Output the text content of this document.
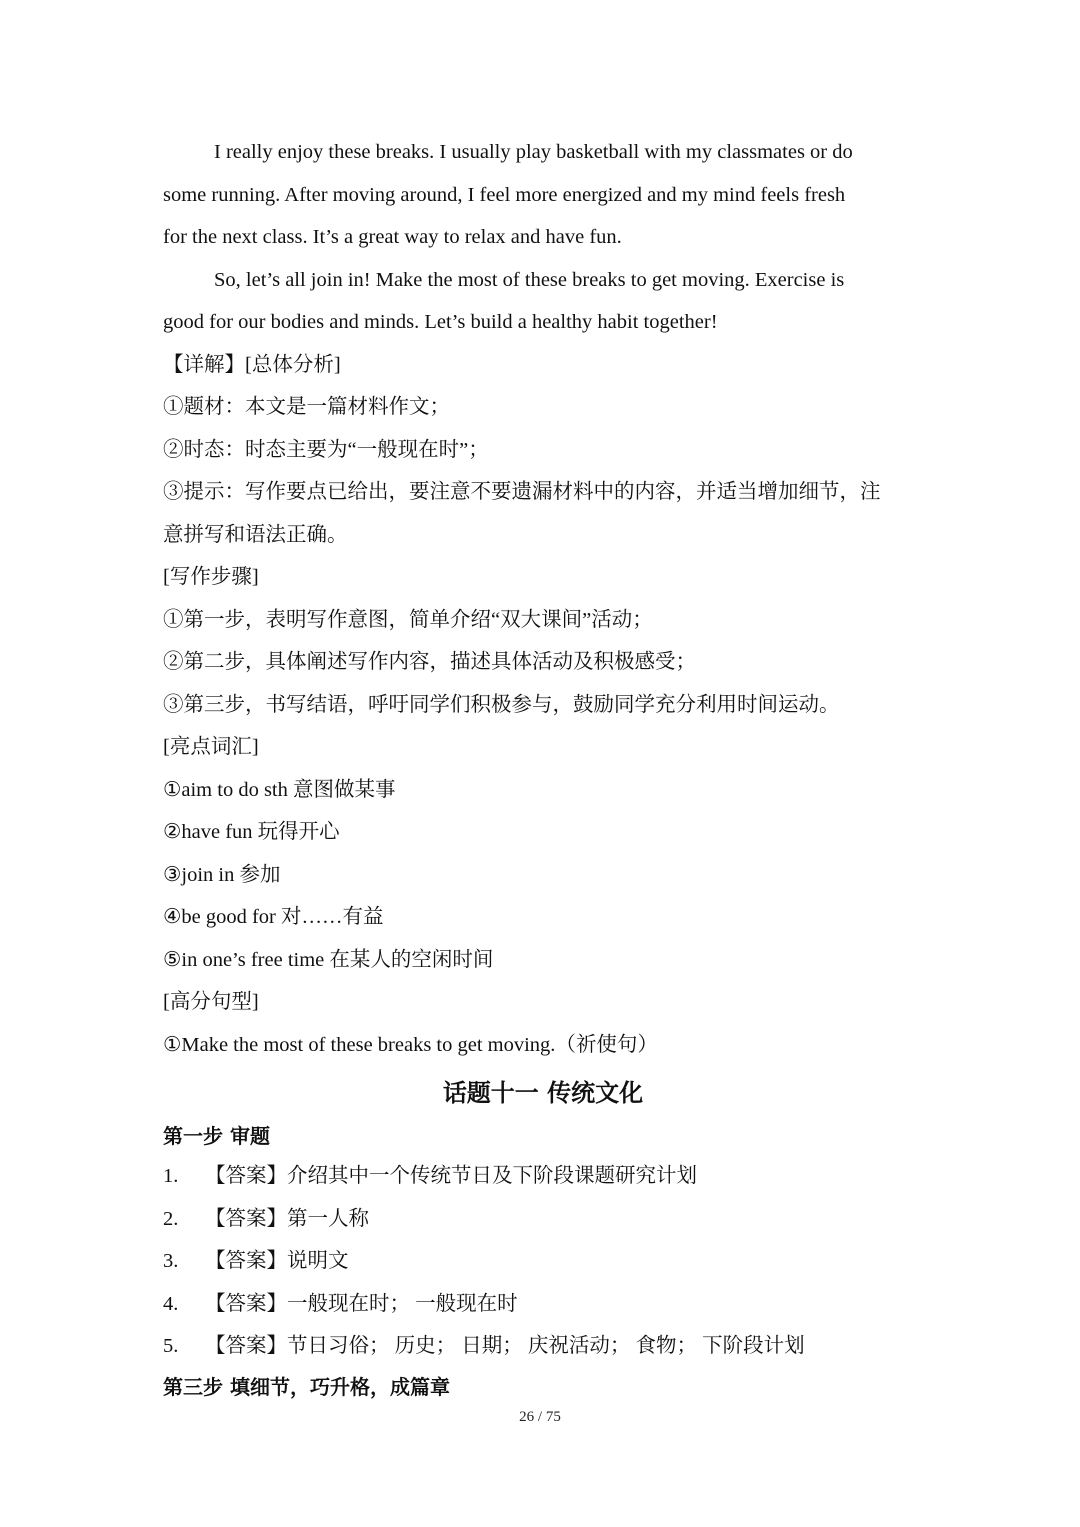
I really enjoy these breaks. I usually play basketball with my classmates or do

some running. After moving around, I feel more energized and my mind feels fresh

for the next class. It’s a great way to relax and have fun.

So, let’s all join in! Make the most of these breaks to get moving. Exercise is

good for our bodies and minds. Let’s build a healthy habit together!

【详解】[总体分析]

①题材：本文是一篇材料作文；

②时态：时态主要为“一般现在时”；

③提示：写作要点已给出，要注意不要遗漏材料中的内容，并适当增加细节，注

意拼写和语法正确。

[写作步骤]

①第一步，表明写作意图，简单介绍“双大课间”活动；

②第二步，具体阐述写作内容，描述具体活动及积极感受；

③第三步，书写结语，呼吁同学们积极参与，鼓励同学充分利用时间运动。

[亮点词汇]

①aim to do sth 意图做某事

②have fun 玩得开心

③join in 参加

④be good for 对……有益

⑤in one’s free time 在某人的空闲时间

[高分句型]

①Make the most of these breaks to get moving.（祈使句）

话题十一 传统文化
第一步 审题
1.	【答案】 介绍其中一个传统节日及下阶段课题研究计划
2.	【答案】 第一人称
3.	【答案】 说明文
4.	【答案】 一般现在时； 一般现在时
5.	【答案】 节日习俗； 历史； 日期； 庆祝活动； 食物； 下阶段计划
第三步 填细节，巧升格，成篇章
26 / 75
